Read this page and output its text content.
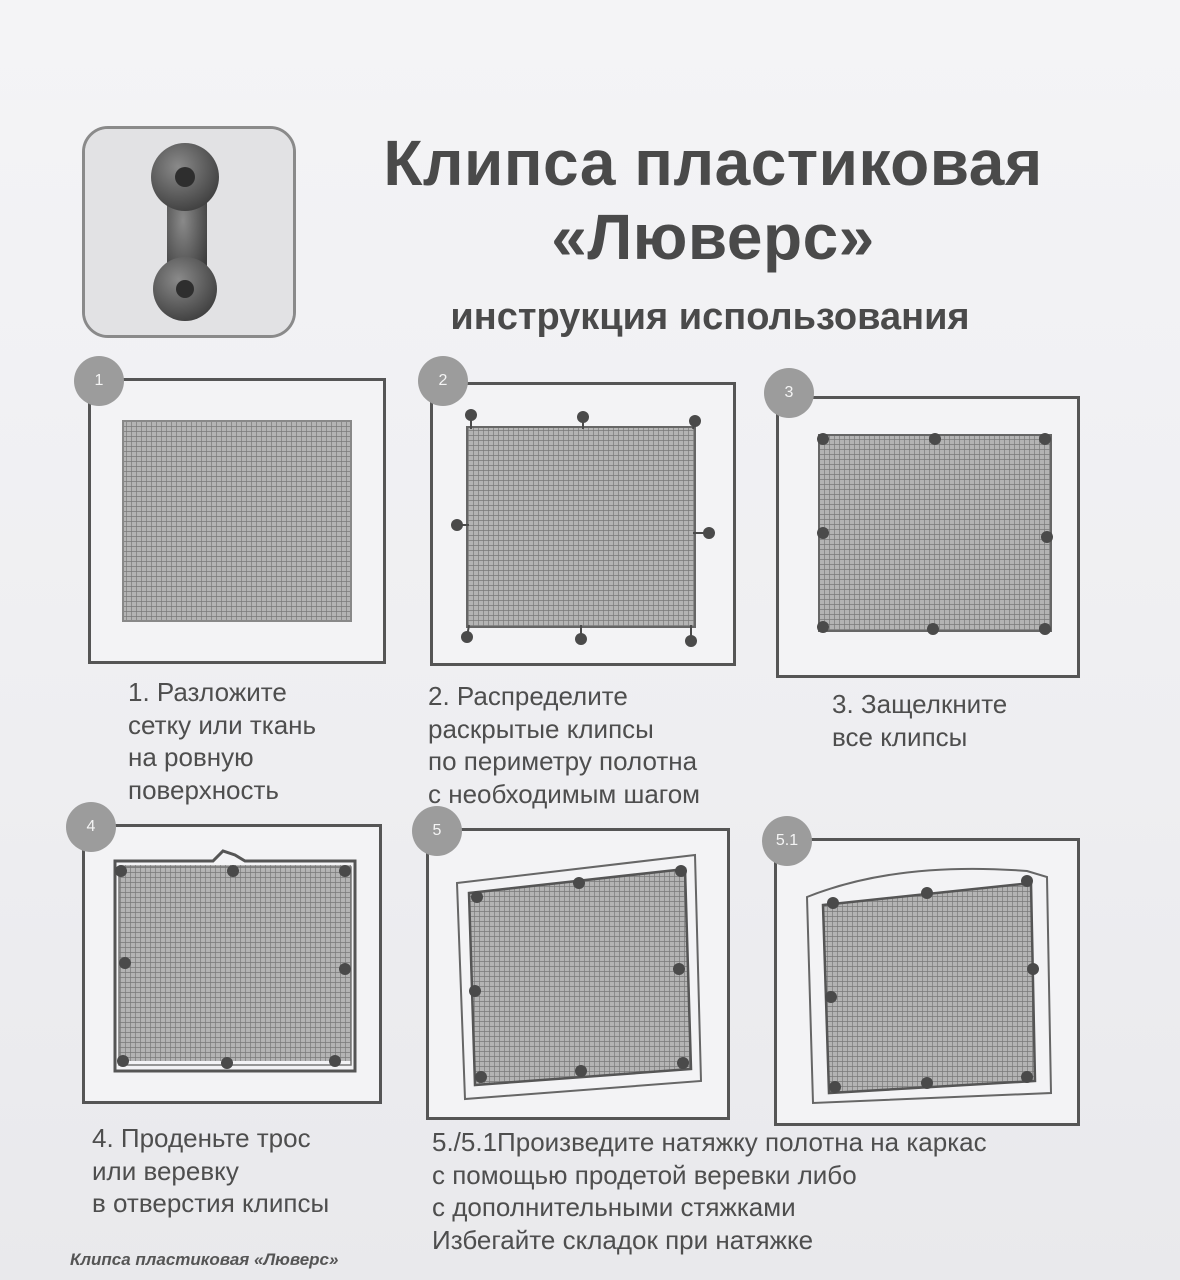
Клипса пластиковая
«Люверс»
инструкция использования
1	2
3
4	5
5.1
1. Разложите
сетку или ткань
на ровную
поверхность
2. Распределите
раскрытые клипсы
по периметру полотна
с необходимым шагом
3. Защелкните
все клипсы
4. Проденьте трос
или веревку
в отверстия клипсы
5./5.1Произведите натяжку полотна на каркас
с помощью продетой веревки либо
с дополнительными стяжками
Избегайте складок при натяжке
Клипса пластиковая «Люверс»
